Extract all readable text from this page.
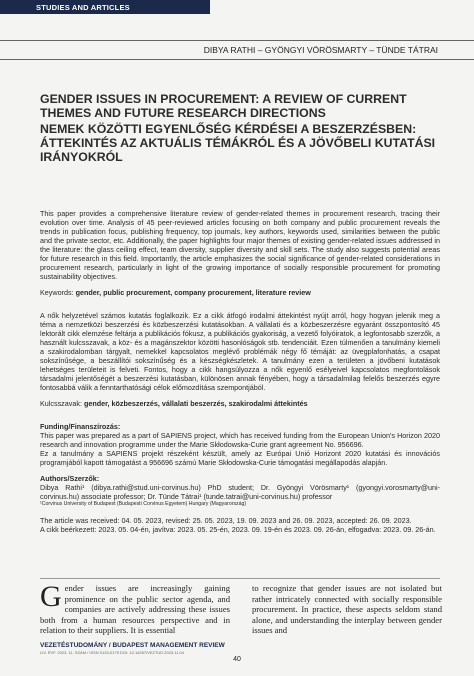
STUDIES AND ARTICLES
DIBYA RATHI – GYÖNGYI VÖRÖSMARTY – TÜNDE TÁTRAI
GENDER ISSUES IN PROCUREMENT: A REVIEW OF CURRENT THEMES AND FUTURE RESEARCH DIRECTIONS
NEMEK KÖZÖTTI EGYENLŐSÉG KÉRDÉSEI A BESZERZÉSBEN: ÁTTEKINTÉS AZ AKTUÁLIS TÉMÁKRÓL ÉS A JÖVŐBELI KUTATÁSI IRÁNYOKRÓL

This paper provides a comprehensive literature review of gender-related themes in procurement research, tracing their evolution over time. Analysis of 45 peer-reviewed articles focusing on both company and public procurement reveals the trends in publication focus, publishing frequency, top journals, key authors, keywords used, similarities between the public and the private sector, etc. Additionally, the paper highlights four major themes of existing gender-related issues addressed in the literature: the glass ceiling effect, team diversity, supplier diversity and skill sets. The study also suggests potential areas for future research in this field. Importantly, the article emphasizes the social significance of gender-related considerations in procurement research, particularly in light of the growing importance of socially responsible procurement for promoting sustainability objectives.

Keywords: gender, public procurement, company procurement, literature review

A nők helyzetével számos kutatás foglalkozik. Ez a cikk átfogó irodalmi áttekintést nyújt arról, hogy hogyan jelenik meg a téma a nemzetközi beszerzési és közbeszerzési kutatásokban. A vállalati és a közbeszerzésre egyaránt összpontosító 45 lektorált cikk elemzése feltárja a publikációs fókusz, a publikációs gyakoriság, a vezető folyóiratok, a legfontosabb szerzők, a használt kulcsszavak, a köz- és a magánszektor közötti hasonlóságok stb. tendenciáit. Ezen túlmenően a tanulmány kiemeli a szakirodalomban tárgyalt, nemekkel kapcsolatos meglévő problémák négy fő témáját: az üvegplafonhatás, a csapat sokszínűsége, a beszállítói sokszínűség és a készségkészletek. A tanulmány ezen a területen a jövőbeni kutatások lehetséges területeit is felveti. Fontos, hogy a cikk hangsúlyozza a nők egyenlő esélyeivel kapcsolatos megfontolások társadalmi jelentőségét a beszerzési kutatásban, különösen annak fényében, hogy a társadalmilag felelős beszerzés egyre fontosabbá válik a fenntarthatósági célok előmozdítása szempontjából.

Kulcsszavak: gender, közbeszerzés, vállalati beszerzés, szakirodalmi áttekintés

Funding/Finanszírozás:

This paper was prepared as a part of SAPIENS project, which has received funding from the European Union's Horizon 2020 research and innovation programme under the Marie Skłodowska-Curie grant agreement No. 956696.

Ez a tanulmány a SAPIENS projekt részeként készült, amely az Európai Unió Horizont 2020 kutatási és innovációs programjából kapott támogatást a 956696 számú Marie Skłodowska-Curie támogatási megállapodás alapján.

Authors/Szerzők:

Dibya Rathi¹ (dibya.rathi@stud.uni-corvinus.hu) PhD student; Dr. Gyöngyi Vörösmarty¹ (gyongyi.vorosmarty@uni-corvinus.hu) associate professor; Dr. Tünde Tátrai¹ (tunde.tatrai@uni-corvinus.hu) professor

¹Corvinus University of Budapest (Budapesti Corvinus Egyetem) Hungary (Magyarország)

The article was received: 04. 05. 2023, revised: 25. 05. 2023, 19. 09. 2023 and 26. 09. 2023, accepted: 26. 09. 2023.

A cikk beérkezett: 2023. 05. 04-én, javítva: 2023. 05. 25-én, 2023. 09. 19-én és 2023. 09. 26-án, elfogadva: 2023. 09. 26-án.

G ender issues are increasingly gaining prominence on the public sector agenda, and companies are actively addressing these issues both from a human resources perspective and in relation to their suppliers. It is essential
to recognize that gender issues are not isolated but rather intricately connected with socially responsible procurement. In practice, these aspects seldom stand alone, and understanding the interplay between gender issues and
VEZETÉSTUDOMÁNY / BUDAPEST MANAGEMENT REVIEW
LIV. ÉVF. 2023. 11. SZÁM / ISSN 0133-0179 DOI: 10.14267/VEZTUD.2023.11.04
40
